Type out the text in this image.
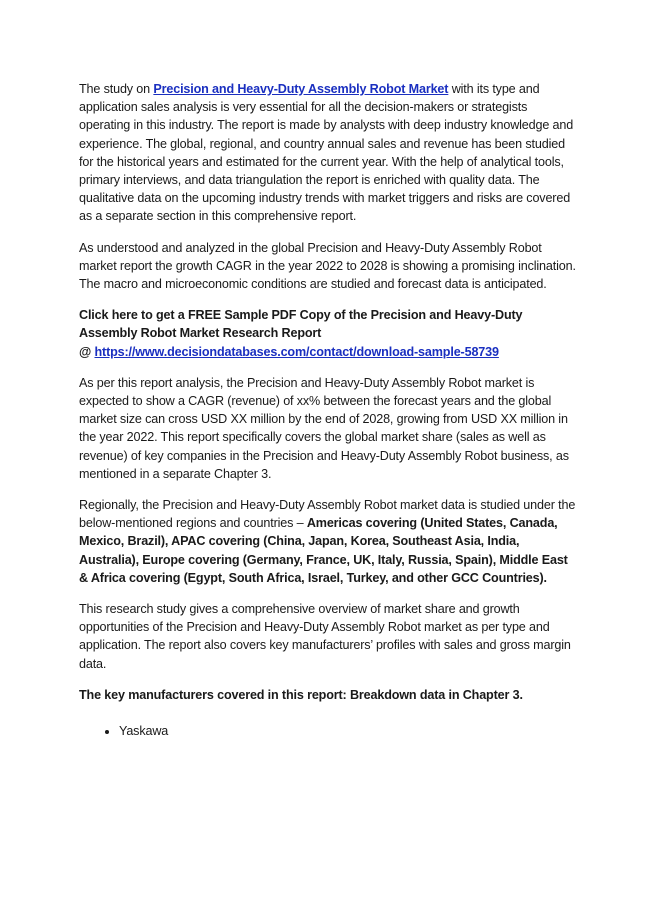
The study on Precision and Heavy-Duty Assembly Robot Market with its type and application sales analysis is very essential for all the decision-makers or strategists operating in this industry. The report is made by analysts with deep industry knowledge and experience. The global, regional, and country annual sales and revenue has been studied for the historical years and estimated for the current year. With the help of analytical tools, primary interviews, and data triangulation the report is enriched with quality data. The qualitative data on the upcoming industry trends with market triggers and risks are covered as a separate section in this comprehensive report.

As understood and analyzed in the global Precision and Heavy-Duty Assembly Robot market report the growth CAGR in the year 2022 to 2028 is showing a promising inclination. The macro and microeconomic conditions are studied and forecast data is anticipated.

Click here to get a FREE Sample PDF Copy of the Precision and Heavy-Duty Assembly Robot Market Research Report
@ https://www.decisiondatabases.com/contact/download-sample-58739

As per this report analysis, the Precision and Heavy-Duty Assembly Robot market is expected to show a CAGR (revenue) of xx% between the forecast years and the global market size can cross USD XX million by the end of 2028, growing from USD XX million in the year 2022. This report specifically covers the global market share (sales as well as revenue) of key companies in the Precision and Heavy-Duty Assembly Robot business, as mentioned in a separate Chapter 3.

Regionally, the Precision and Heavy-Duty Assembly Robot market data is studied under the below-mentioned regions and countries – Americas covering (United States, Canada, Mexico, Brazil), APAC covering (China, Japan, Korea, Southeast Asia, India, Australia), Europe covering (Germany, France, UK, Italy, Russia, Spain), Middle East & Africa covering (Egypt, South Africa, Israel, Turkey, and other GCC Countries).

This research study gives a comprehensive overview of market share and growth opportunities of the Precision and Heavy-Duty Assembly Robot market as per type and application. The report also covers key manufacturers’ profiles with sales and gross margin data.

The key manufacturers covered in this report: Breakdown data in Chapter 3.

• Yaskawa
